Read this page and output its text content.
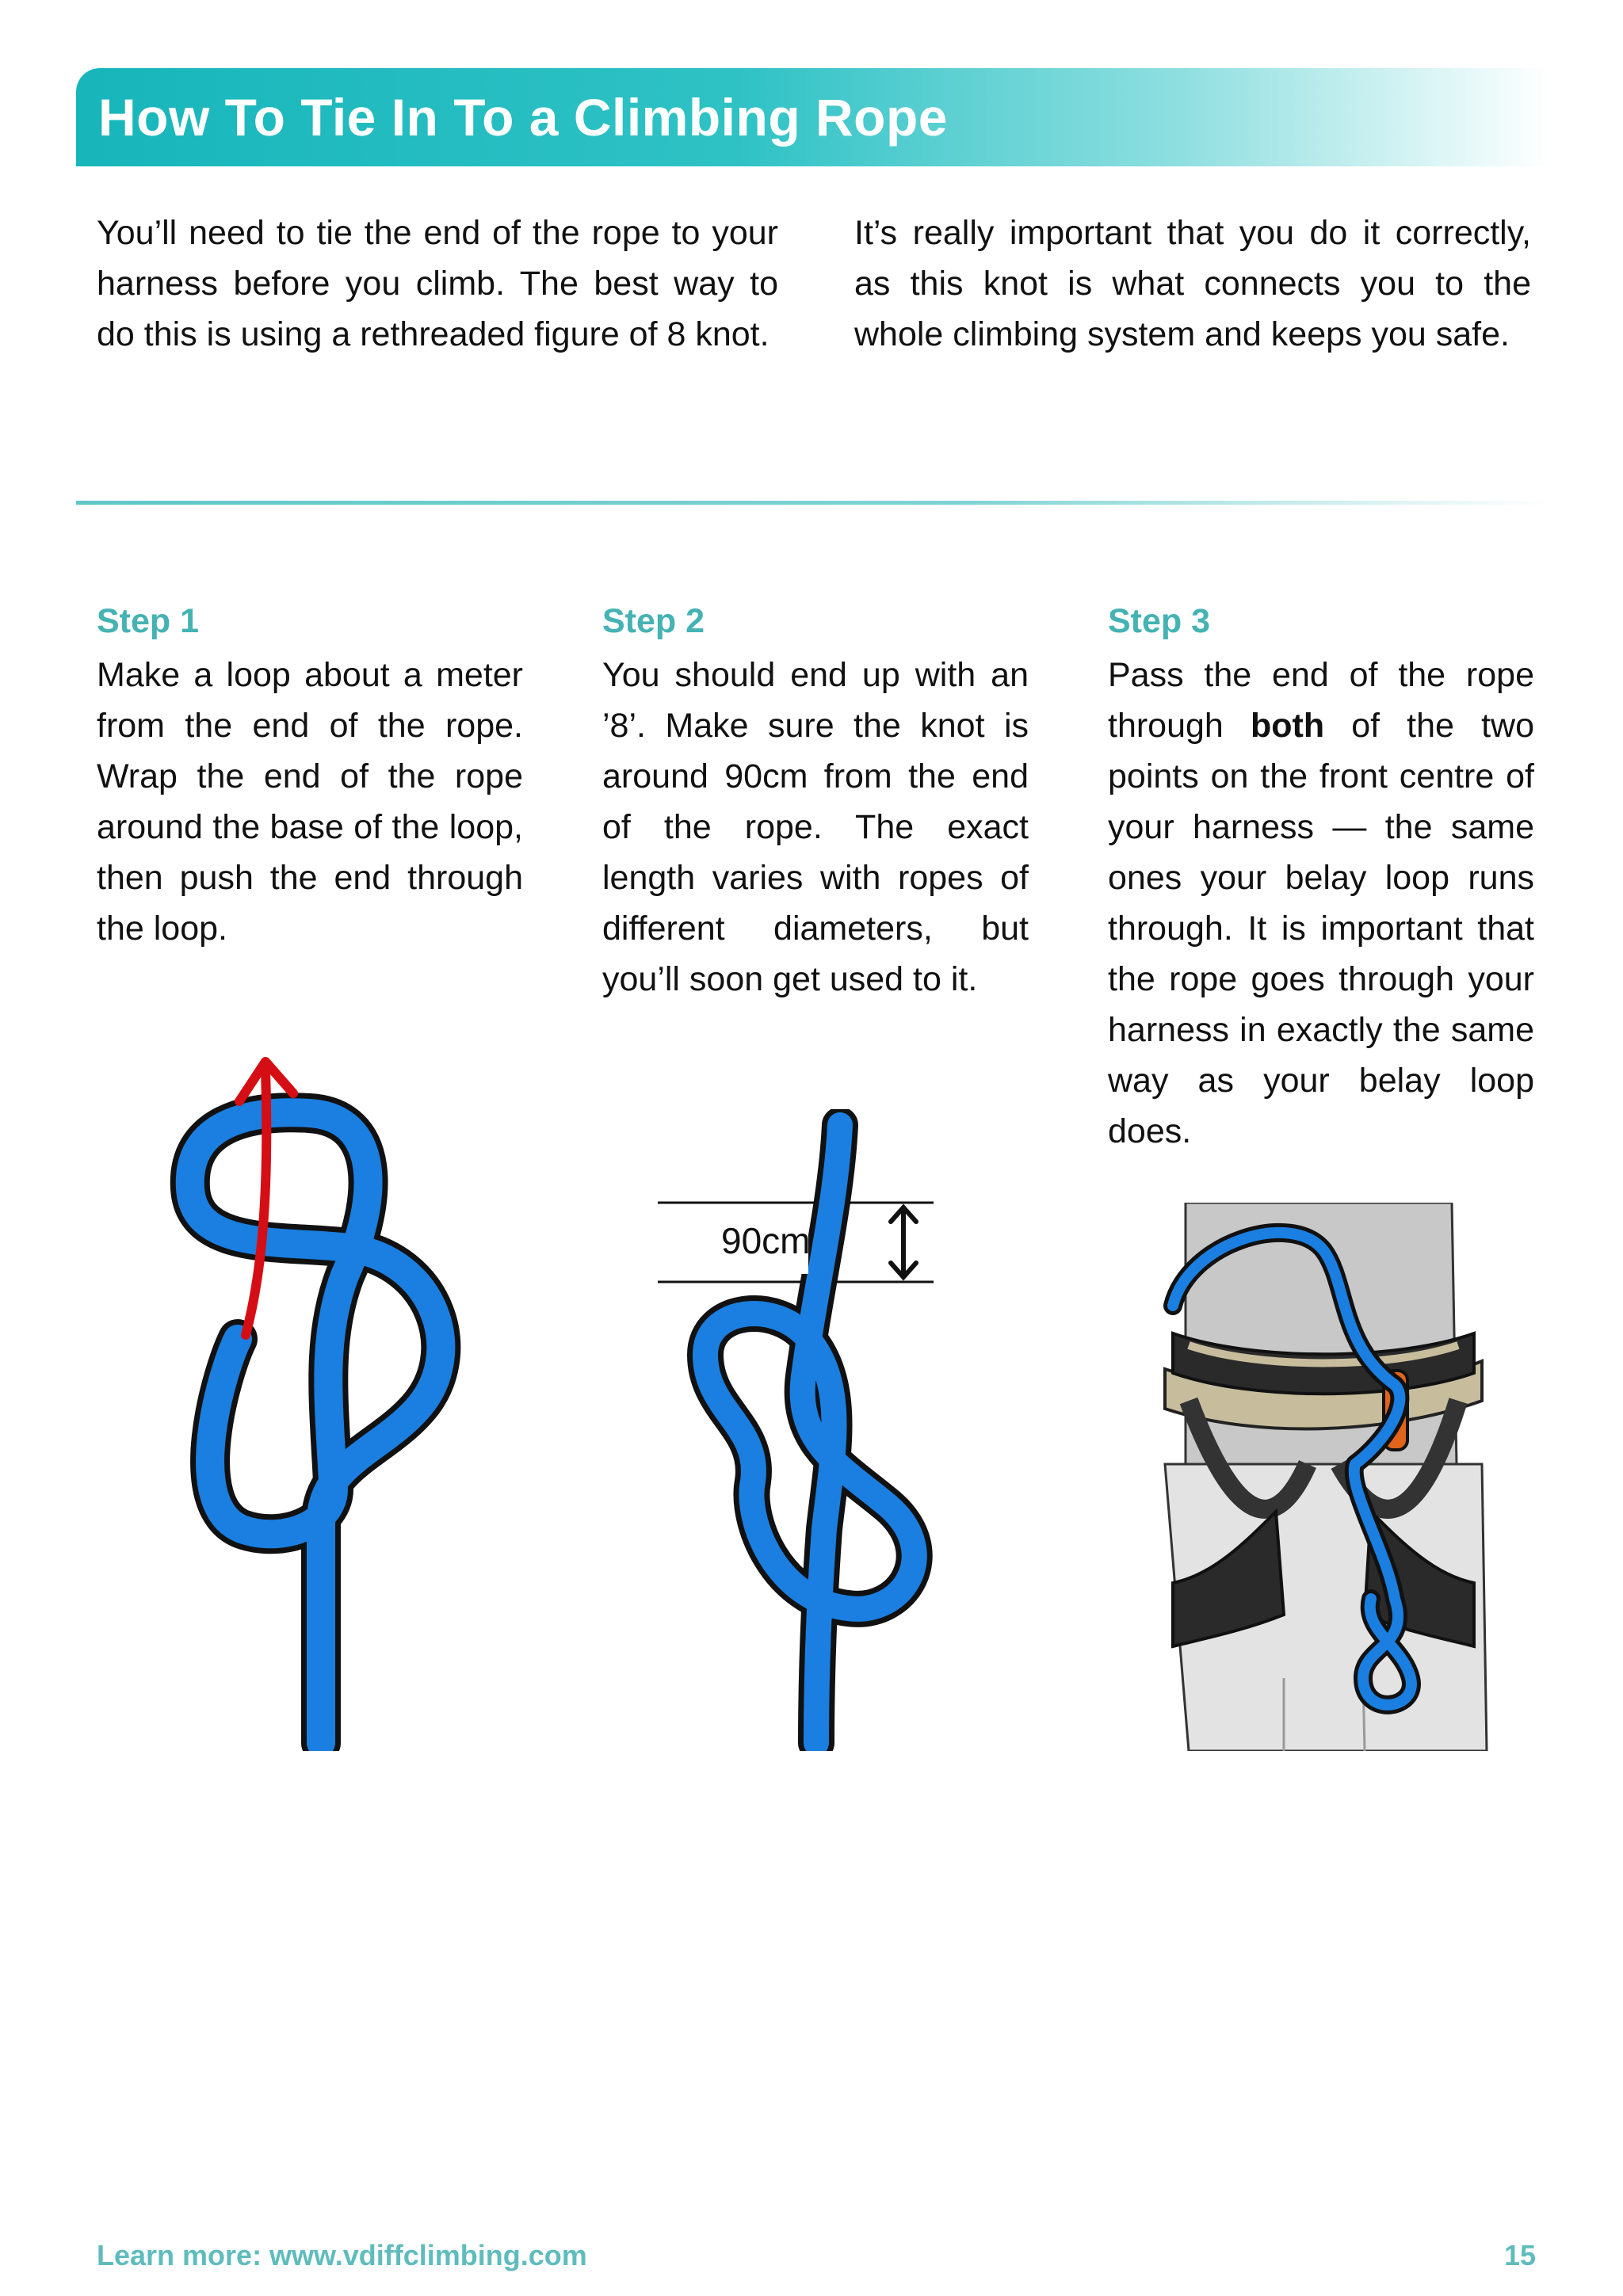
How To Tie In To a Climbing Rope

You’ll need to tie the end of the rope to your harness before you climb. The best way to do this is using a rethreaded figure of 8 knot.

It’s really important that you do it correctly, as this knot is what connects you to the whole climbing system and keeps you safe.

Step 1

Make a loop about a meter from the end of the rope. Wrap the end of the rope around the base of the loop, then push the end through the loop.

Step 2

You should end up with an ’8’. Make sure the knot is around 90cm from the end of the rope. The exact length varies with ropes of different diameters, but you’ll soon get used to it.

Step 3

Pass the end of the rope through both of the two points on the front centre of your harness — the same ones your belay loop runs through. It is important that the rope goes through your harness in exactly the same way as your belay loop does.

90cm
Learn more: www.vdiffclimbing.com	15
